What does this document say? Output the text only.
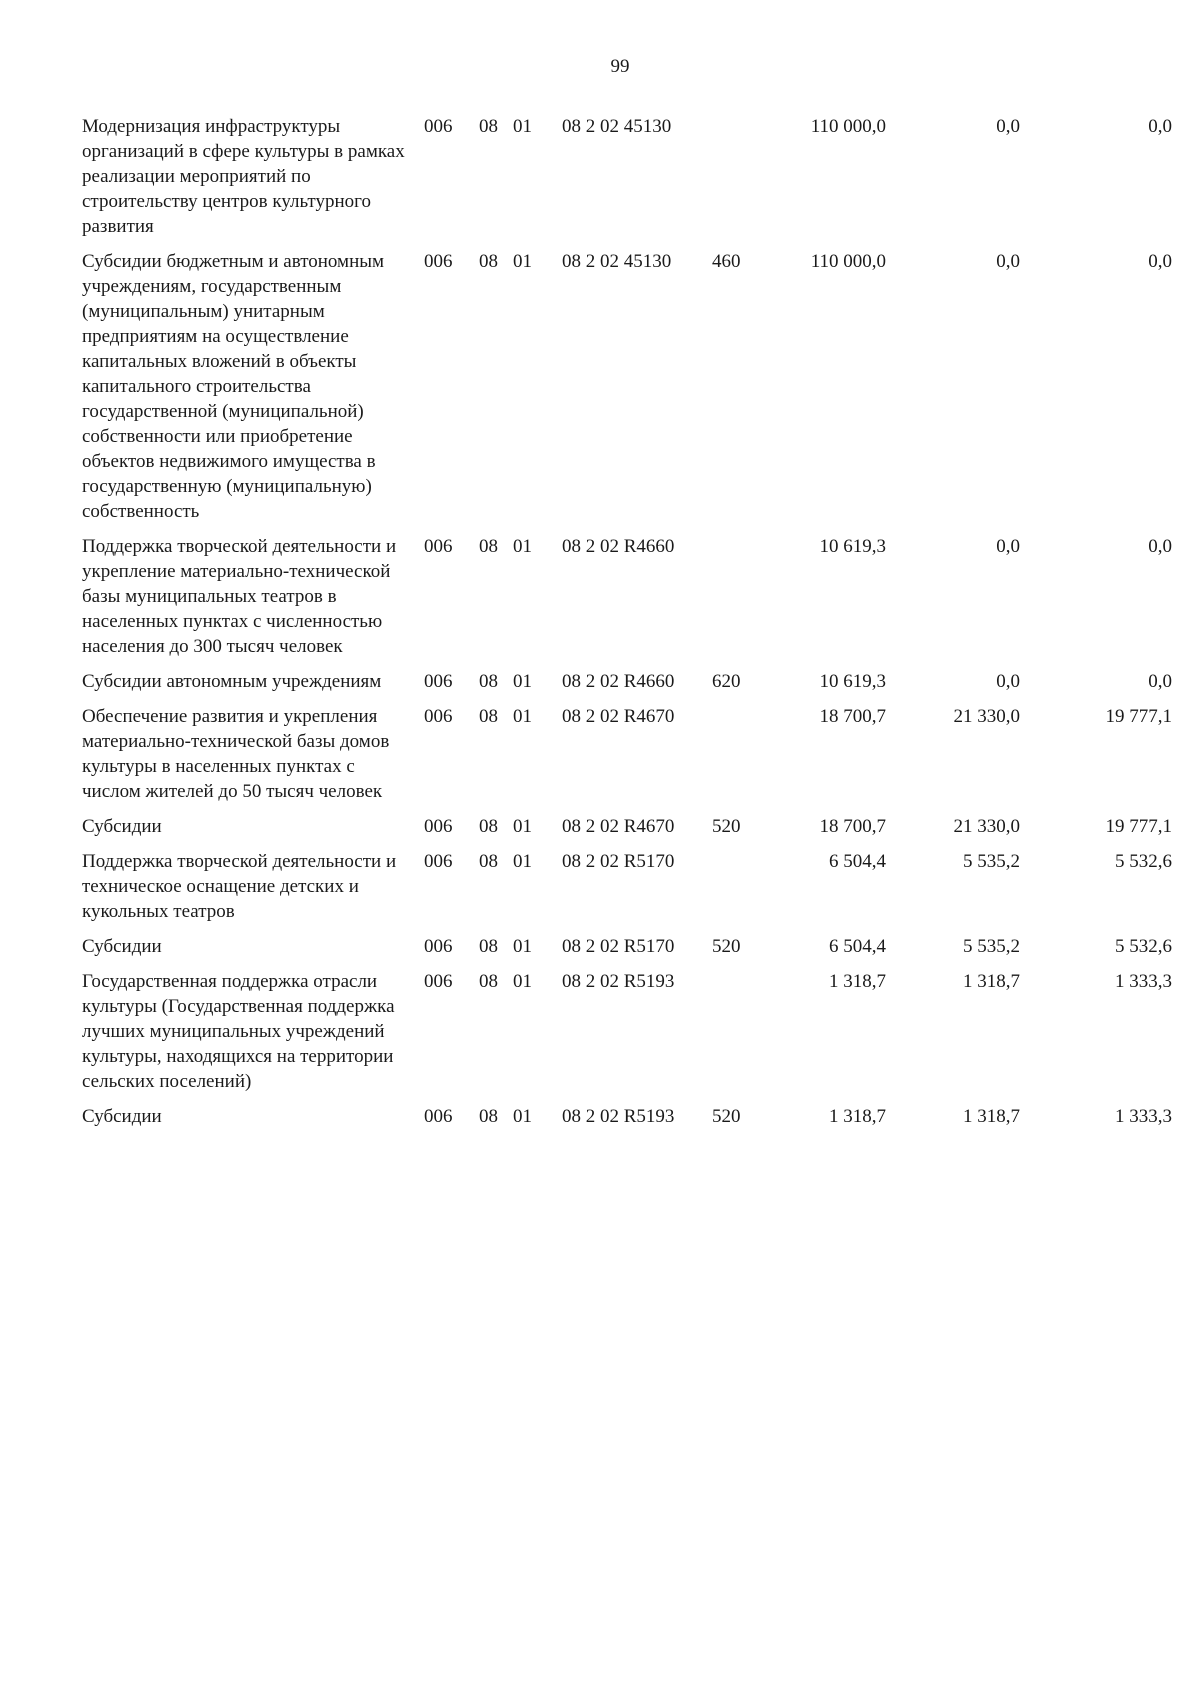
99
Модернизация инфраструктуры организаций в сфере культуры в рамках реализации мероприятий по строительству центров культурного развития
006 08 01 08 2 02 45130	110 000,0	0,0	0,0
Субсидии бюджетным и автономным учреждениям, государственным (муниципальным) унитарным предприятиям на осуществление капитальных вложений в объекты капитального строительства государственной (муниципальной) собственности или приобретение объектов недвижимого имущества в государственную (муниципальную) собственность
006 08 01 08 2 02 45130 460	110 000,0	0,0	0,0
Поддержка творческой деятельности и укрепление материально-технической базы муниципальных театров в населенных пунктах с численностью населения до 300 тысяч человек
006 08 01 08 2 02 R4660	10 619,3	0,0	0,0
Субсидии автономным учреждениям	006 08 01 08 2 02 R4660 620	10 619,3	0,0	0,0
Обеспечение развития и укрепления материально-технической базы домов культуры в населенных пунктах с числом жителей до 50 тысяч человек
006 08 01 08 2 02 R4670	18 700,7	21 330,0	19 777,1
Субсидии	006 08 01 08 2 02 R4670 520	18 700,7	21 330,0	19 777,1
Поддержка творческой деятельности и техническое оснащение детских и кукольных театров
006 08 01 08 2 02 R5170	6 504,4	5 535,2	5 532,6
Субсидии	006 08 01 08 2 02 R5170 520	6 504,4	5 535,2	5 532,6
Государственная поддержка отрасли культуры (Государственная поддержка лучших муниципальных учреждений культуры, находящихся на территории сельских поселений)
006 08 01 08 2 02 R5193	1 318,7	1 318,7	1 333,3
Субсидии	006 08 01 08 2 02 R5193 520	1 318,7	1 318,7	1 333,3
